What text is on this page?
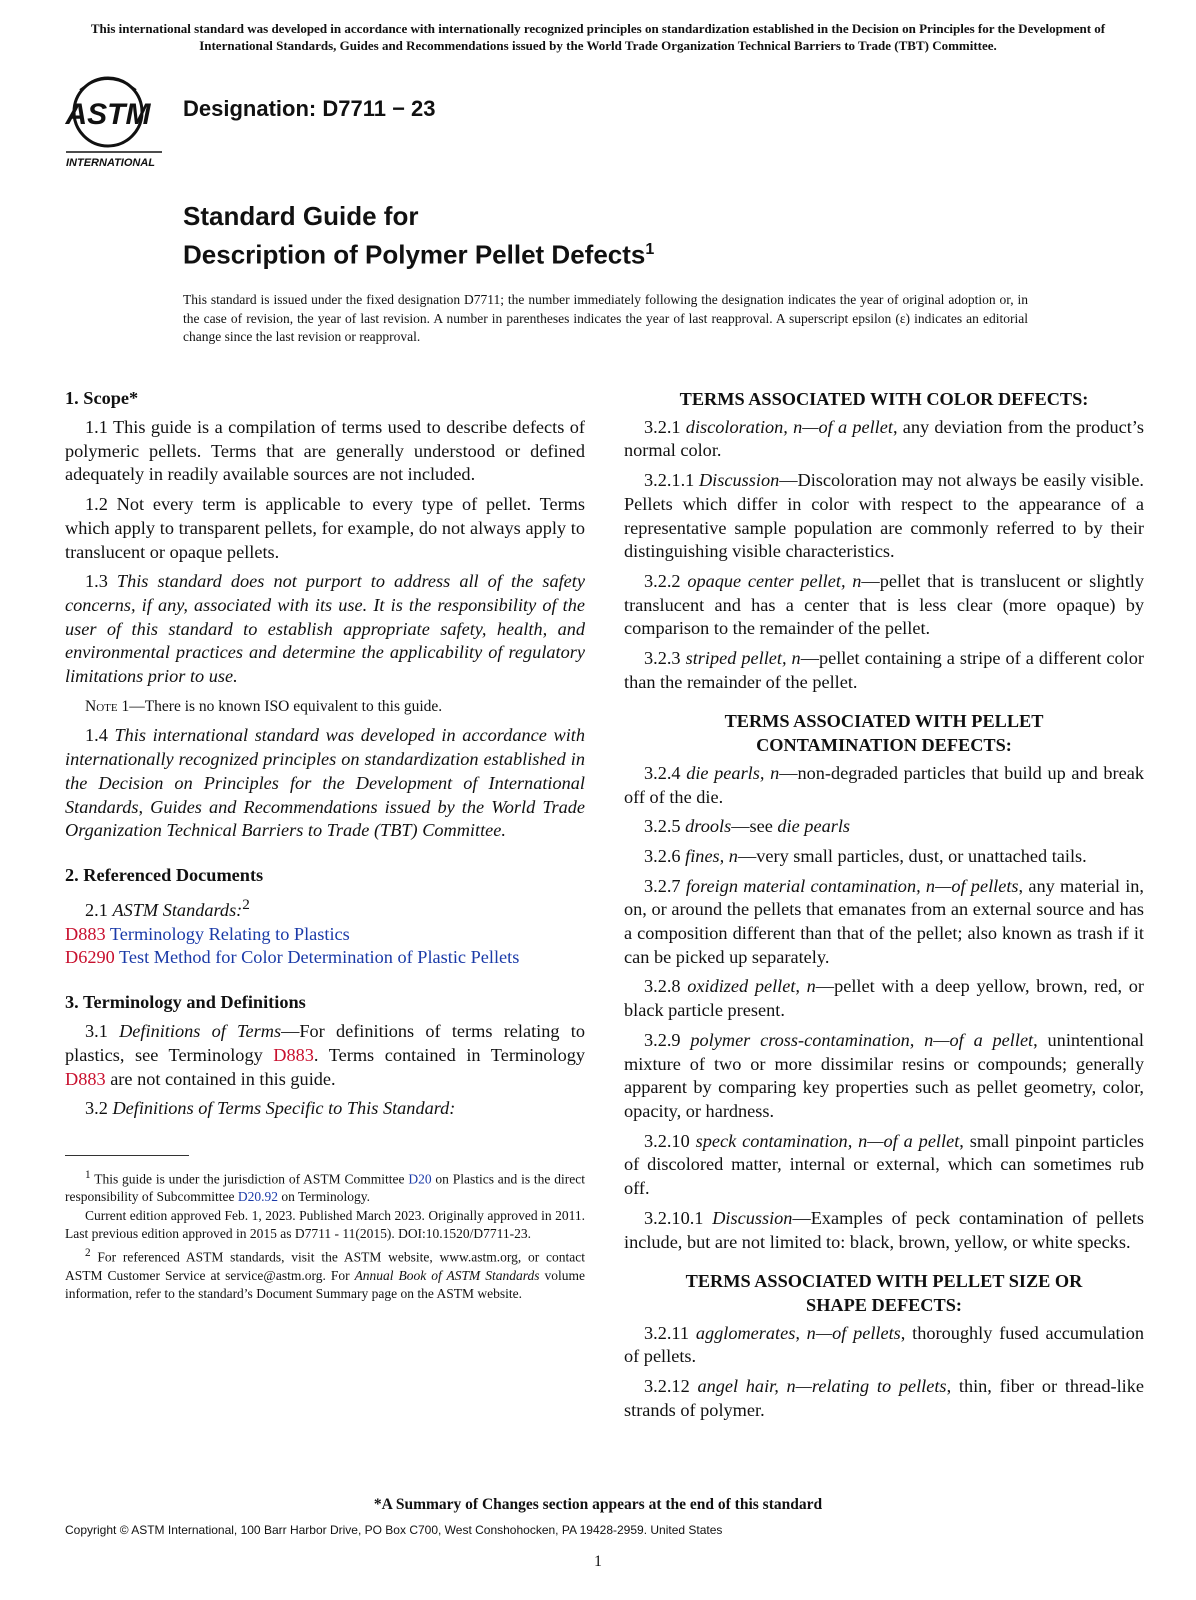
This international standard was developed in accordance with internationally recognized principles on standardization established in the Decision on Principles for the Development of International Standards, Guides and Recommendations issued by the World Trade Organization Technical Barriers to Trade (TBT) Committee.
ASTM
INTERNATIONAL
Designation: D7711 − 23
Standard Guide for
Description of Polymer Pellet Defects$^1$
This standard is issued under the fixed designation D7711; the number immediately following the designation indicates the year of original adoption or, in the case of revision, the year of last revision. A number in parentheses indicates the year of last reapproval. A superscript epsilon (ε) indicates an editorial change since the last revision or reapproval.
1. Scope*

1.1 This guide is a compilation of terms used to describe defects of polymeric pellets. Terms that are generally understood or defined adequately in readily available sources are not included.

1.2 Not every term is applicable to every type of pellet. Terms which apply to transparent pellets, for example, do not always apply to translucent or opaque pellets.

1.3 This standard does not purport to address all of the safety concerns, if any, associated with its use. It is the responsibility of the user of this standard to establish appropriate safety, health, and environmental practices and determine the applicability of regulatory limitations prior to use.

Note 1—There is no known ISO equivalent to this guide.

1.4 This international standard was developed in accordance with internationally recognized principles on standardization established in the Decision on Principles for the Development of International Standards, Guides and Recommendations issued by the World Trade Organization Technical Barriers to Trade (TBT) Committee.

2. Referenced Documents

2.1 ASTM Standards:$^2$

D883 Terminology Relating to Plastics

D6290 Test Method for Color Determination of Plastic Pellets

3. Terminology and Definitions

3.1 Definitions of Terms—For definitions of terms relating to plastics, see Terminology D883. Terms contained in Terminology D883 are not contained in this guide.

3.2 Definitions of Terms Specific to This Standard:

$^1$ This guide is under the jurisdiction of ASTM Committee D20 on Plastics and is the direct responsibility of Subcommittee D20.92 on Terminology.

Current edition approved Feb. 1, 2023. Published March 2023. Originally approved in 2011. Last previous edition approved in 2015 as D7711 - 11(2015). DOI:10.1520/D7711-23.

$^2$ For referenced ASTM standards, visit the ASTM website, www.astm.org, or contact ASTM Customer Service at service@astm.org. For Annual Book of ASTM Standards volume information, refer to the standard’s Document Summary page on the ASTM website.

TERMS ASSOCIATED WITH COLOR DEFECTS:

3.2.1 discoloration, n—of a pellet, any deviation from the product’s normal color.

3.2.1.1 Discussion—Discoloration may not always be easily visible. Pellets which differ in color with respect to the appearance of a representative sample population are commonly referred to by their distinguishing visible characteristics.

3.2.2 opaque center pellet, n—pellet that is translucent or slightly translucent and has a center that is less clear (more opaque) by comparison to the remainder of the pellet.

3.2.3 striped pellet, n—pellet containing a stripe of a different color than the remainder of the pellet.

TERMS ASSOCIATED WITH PELLET
CONTAMINATION DEFECTS:

3.2.4 die pearls, n—non-degraded particles that build up and break off of the die.

3.2.5 drools—see die pearls

3.2.6 fines, n—very small particles, dust, or unattached tails.

3.2.7 foreign material contamination, n—of pellets, any material in, on, or around the pellets that emanates from an external source and has a composition different than that of the pellet; also known as trash if it can be picked up separately.

3.2.8 oxidized pellet, n—pellet with a deep yellow, brown, red, or black particle present.

3.2.9 polymer cross-contamination, n—of a pellet, unintentional mixture of two or more dissimilar resins or compounds; generally apparent by comparing key properties such as pellet geometry, color, opacity, or hardness.

3.2.10 speck contamination, n—of a pellet, small pinpoint particles of discolored matter, internal or external, which can sometimes rub off.

3.2.10.1 Discussion—Examples of peck contamination of pellets include, but are not limited to: black, brown, yellow, or white specks.

TERMS ASSOCIATED WITH PELLET SIZE OR
SHAPE DEFECTS:

3.2.11 agglomerates, n—of pellets, thoroughly fused accumulation of pellets.

3.2.12 angel hair, n—relating to pellets, thin, fiber or thread-like strands of polymer.

*A Summary of Changes section appears at the end of this standard
Copyright © ASTM International, 100 Barr Harbor Drive, PO Box C700, West Conshohocken, PA 19428-2959. United States
1
